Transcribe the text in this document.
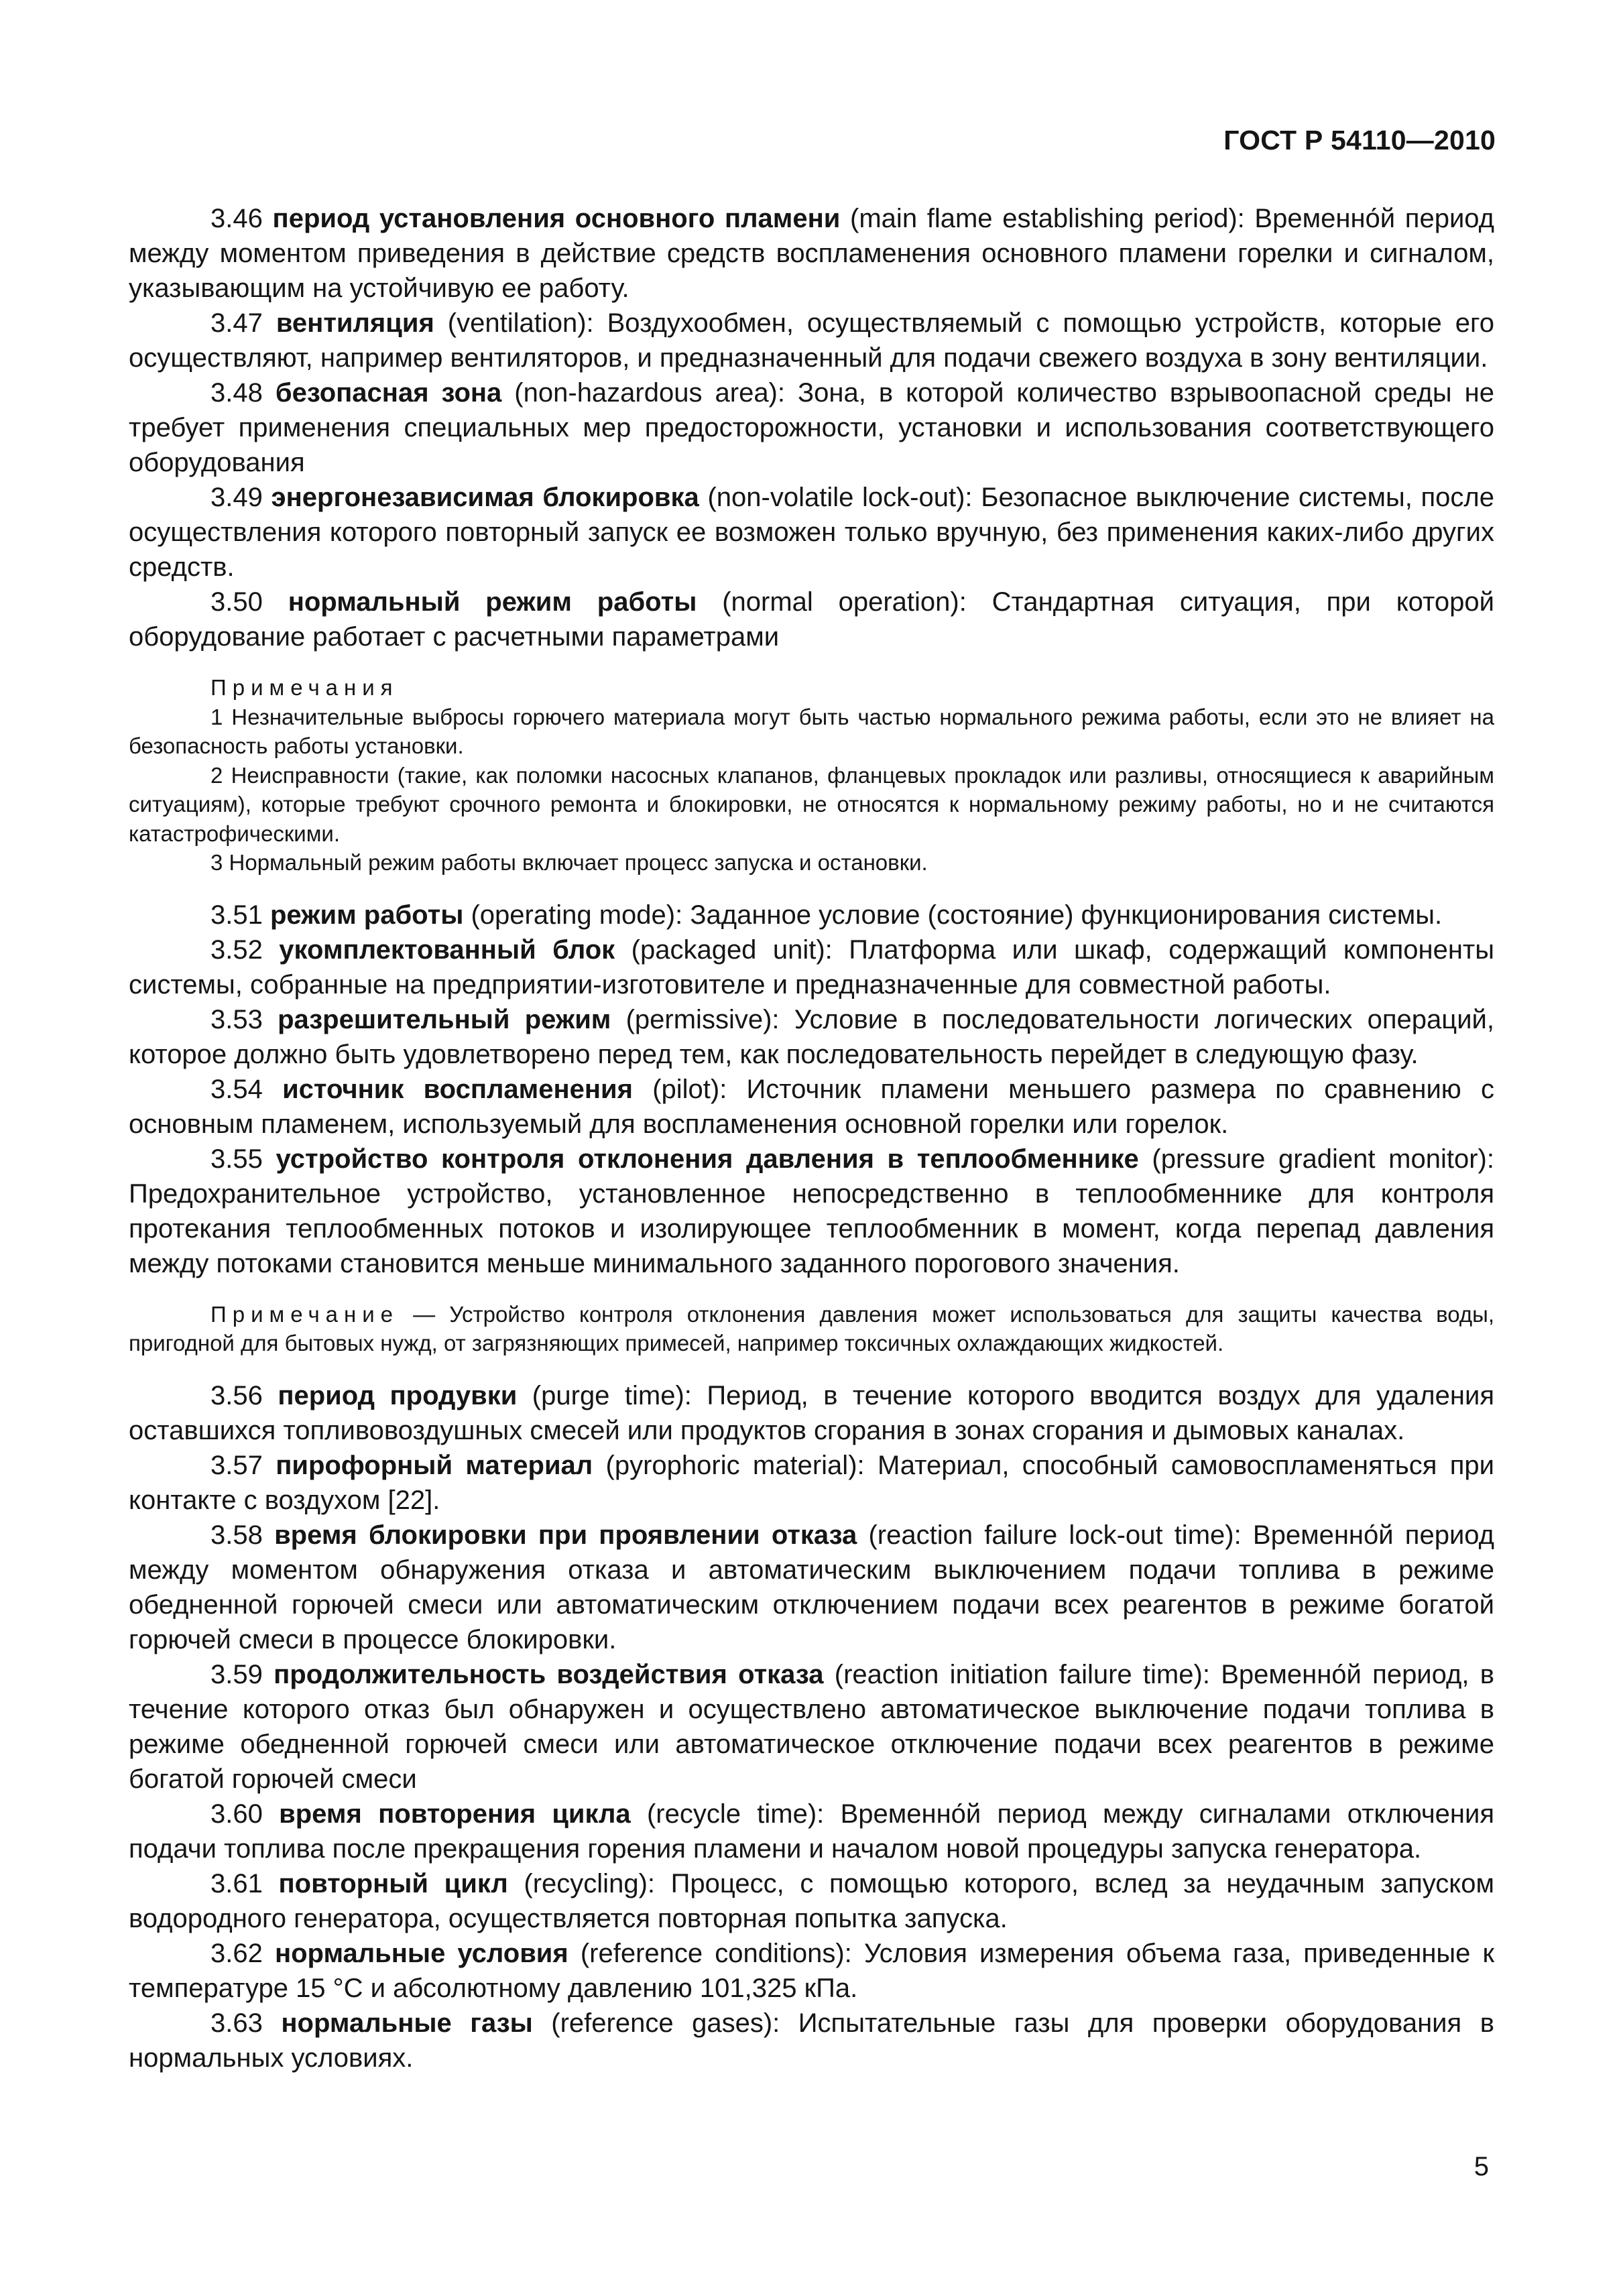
ГОСТ Р 54110—2010

3.46 период установления основного пламени (main flame establishing period): Временно́й период между моментом приведения в действие средств воспламенения основного пламени горелки и сигналом, указывающим на устойчивую ее работу.

3.47 вентиляция (ventilation): Воздухообмен, осуществляемый с помощью устройств, которые его осуществляют, например вентиляторов, и предназначенный для подачи свежего воздуха в зону вентиляции.

3.48 безопасная зона (non-hazardous area): Зона, в которой количество взрывоопасной среды не требует применения специальных мер предосторожности, установки и использования соответствующего оборудования

3.49 энергонезависимая блокировка (non-volatile lock-out): Безопасное выключение системы, после осуществления которого повторный запуск ее возможен только вручную, без применения каких-либо других средств.

3.50 нормальный режим работы (normal operation): Стандартная ситуация, при которой оборудование работает с расчетными параметрами

Примечания

1 Незначительные выбросы горючего материала могут быть частью нормального режима работы, если это не влияет на безопасность работы установки.

2 Неисправности (такие, как поломки насосных клапанов, фланцевых прокладок или разливы, относящиеся к аварийным ситуациям), которые требуют срочного ремонта и блокировки, не относятся к нормальному режиму работы, но и не считаются катастрофическими.

3 Нормальный режим работы включает процесс запуска и остановки.

3.51 режим работы (operating mode): Заданное условие (состояние) функционирования системы.

3.52 укомплектованный блок (packaged unit): Платформа или шкаф, содержащий компоненты системы, собранные на предприятии-изготовителе и предназначенные для совместной работы.

3.53 разрешительный режим (permissive): Условие в последовательности логических операций, которое должно быть удовлетворено перед тем, как последовательность перейдет в следующую фазу.

3.54 источник воспламенения (pilot): Источник пламени меньшего размера по сравнению с основным пламенем, используемый для воспламенения основной горелки или горелок.

3.55 устройство контроля отклонения давления в теплообменнике (pressure gradient monitor): Предохранительное устройство, установленное непосредственно в теплообменнике для контроля протекания теплообменных потоков и изолирующее теплообменник в момент, когда перепад давления между потоками становится меньше минимального заданного порогового значения.

Примечание — Устройство контроля отклонения давления может использоваться для защиты качества воды, пригодной для бытовых нужд, от загрязняющих примесей, например токсичных охлаждающих жидкостей.

3.56 период продувки (purge time): Период, в течение которого вводится воздух для удаления оставшихся топливовоздушных смесей или продуктов сгорания в зонах сгорания и дымовых каналах.

3.57 пирофорный материал (pyrophoric material): Материал, способный самовоспламеняться при контакте с воздухом [22].

3.58 время блокировки при проявлении отказа (reaction failure lock-out time): Временно́й период между моментом обнаружения отказа и автоматическим выключением подачи топлива в режиме обедненной горючей смеси или автоматическим отключением подачи всех реагентов в режиме богатой горючей смеси в процессе блокировки.

3.59 продолжительность воздействия отказа (reaction initiation failure time): Временно́й период, в течение которого отказ был обнаружен и осуществлено автоматическое выключение подачи топлива в режиме обедненной горючей смеси или автоматическое отключение подачи всех реагентов в режиме богатой горючей смеси

3.60 время повторения цикла (recycle time): Временно́й период между сигналами отключения подачи топлива после прекращения горения пламени и началом новой процедуры запуска генератора.

3.61 повторный цикл (recycling): Процесс, с помощью которого, вслед за неудачным запуском водородного генератора, осуществляется повторная попытка запуска.

3.62 нормальные условия (reference conditions): Условия измерения объема газа, приведенные к температуре 15 °С и абсолютному давлению 101,325 кПа.

3.63 нормальные газы (reference gases): Испытательные газы для проверки оборудования в нормальных условиях.

5
